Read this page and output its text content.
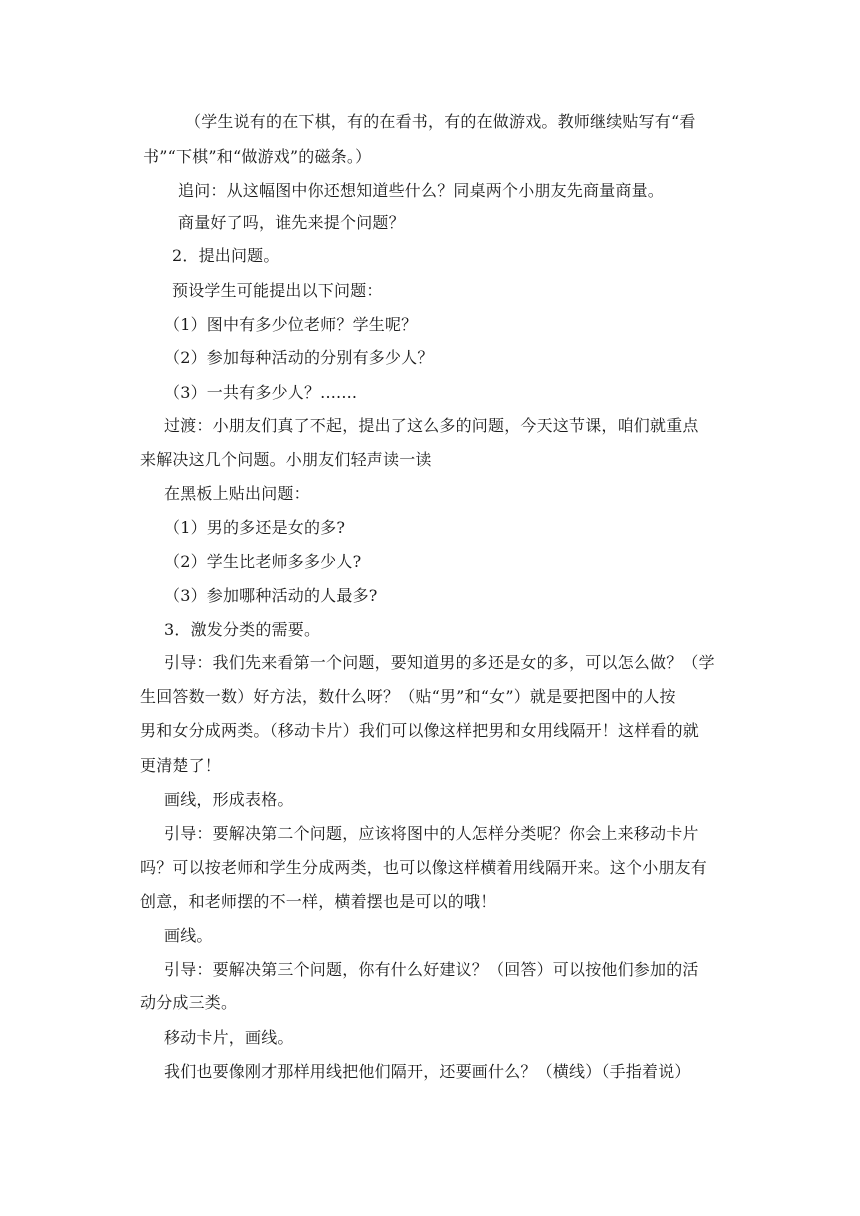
（学生说有的在下棋，有的在看书，有的在做游戏。教师继续贴写有“看
书”“下棋”和“做游戏”的磁条。）
追问：从这幅图中你还想知道些什么？同桌两个小朋友先商量商量。
商量好了吗，谁先来提个问题？
2．提出问题。
预设学生可能提出以下问题：
（1）图中有多少位老师？学生呢？
（2）参加每种活动的分别有多少人？
（3）一共有多少人？.......
过渡：小朋友们真了不起，提出了这么多的问题，今天这节课，咱们就重点
来解决这几个问题。小朋友们轻声读一读
在黑板上贴出问题：
（1）男的多还是女的多?
（2）学生比老师多多少人?
（3）参加哪种活动的人最多?
3．激发分类的需要。
引导：我们先来看第一个问题，要知道男的多还是女的多，可以怎么做？（学
生回答数一数）好方法，数什么呀？（贴“男”和“女”）就是要把图中的人按
男和女分成两类。（移动卡片）我们可以像这样把男和女用线隔开！这样看的就
更清楚了！
画线，形成表格。
引导：要解决第二个问题，应该将图中的人怎样分类呢？你会上来移动卡片
吗？可以按老师和学生分成两类，也可以像这样横着用线隔开来。这个小朋友有
创意，和老师摆的不一样，横着摆也是可以的哦！
画线。
引导：要解决第三个问题，你有什么好建议？（回答）可以按他们参加的活
动分成三类。
移动卡片，画线。
我们也要像刚才那样用线把他们隔开，还要画什么？（横线）（手指着说）
